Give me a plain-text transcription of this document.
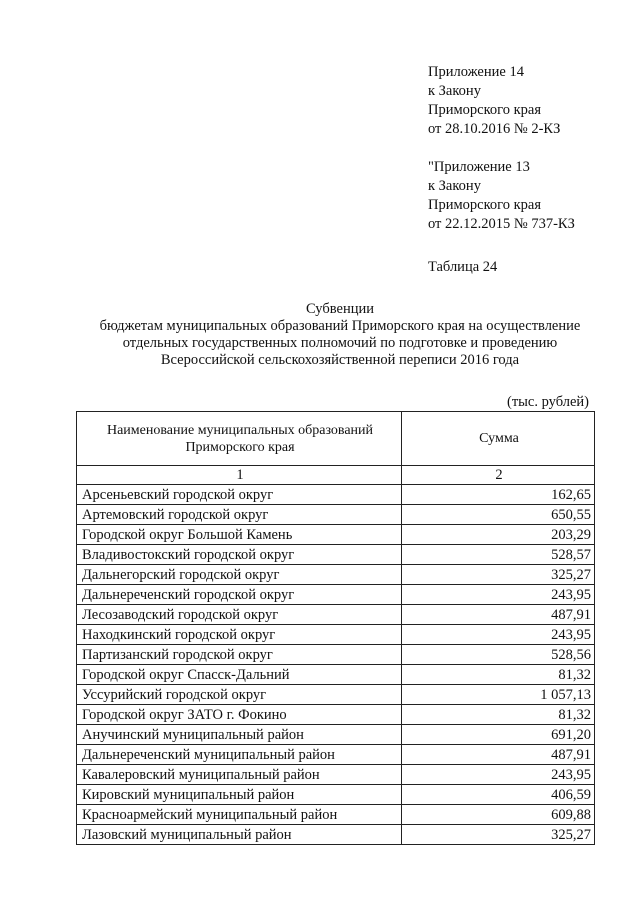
Приложение 14
к Закону
Приморского края
от 28.10.2016 № 2-КЗ
"Приложение 13
к Закону
Приморского края
от 22.12.2015 № 737-КЗ
Таблица 24
Субвенции
бюджетам муниципальных образований Приморского края на осуществление
отдельных государственных полномочий по подготовке и проведению
Всероссийской сельскохозяйственной переписи 2016 года
(тыс. рублей)
Наименование муниципальных образований Приморского края	Сумма
1	2
Арсеньевский городской округ	162,65
Артемовский городской округ	650,55
Городской округ Большой Камень	203,29
Владивостокский городской округ	528,57
Дальнегорский городской округ	325,27
Дальнереченский городской округ	243,95
Лесозаводский городской округ	487,91
Находкинский городской округ	243,95
Партизанский городской округ	528,56
Городской округ Спасск-Дальний	81,32
Уссурийский городской округ	1 057,13
Городской округ ЗАТО г. Фокино	81,32
Анучинский муниципальный район	691,20
Дальнереченский муниципальный район	487,91
Кавалеровский муниципальный район	243,95
Кировский муниципальный район	406,59
Красноармейский муниципальный район	609,88
Лазовский муниципальный район	325,27
